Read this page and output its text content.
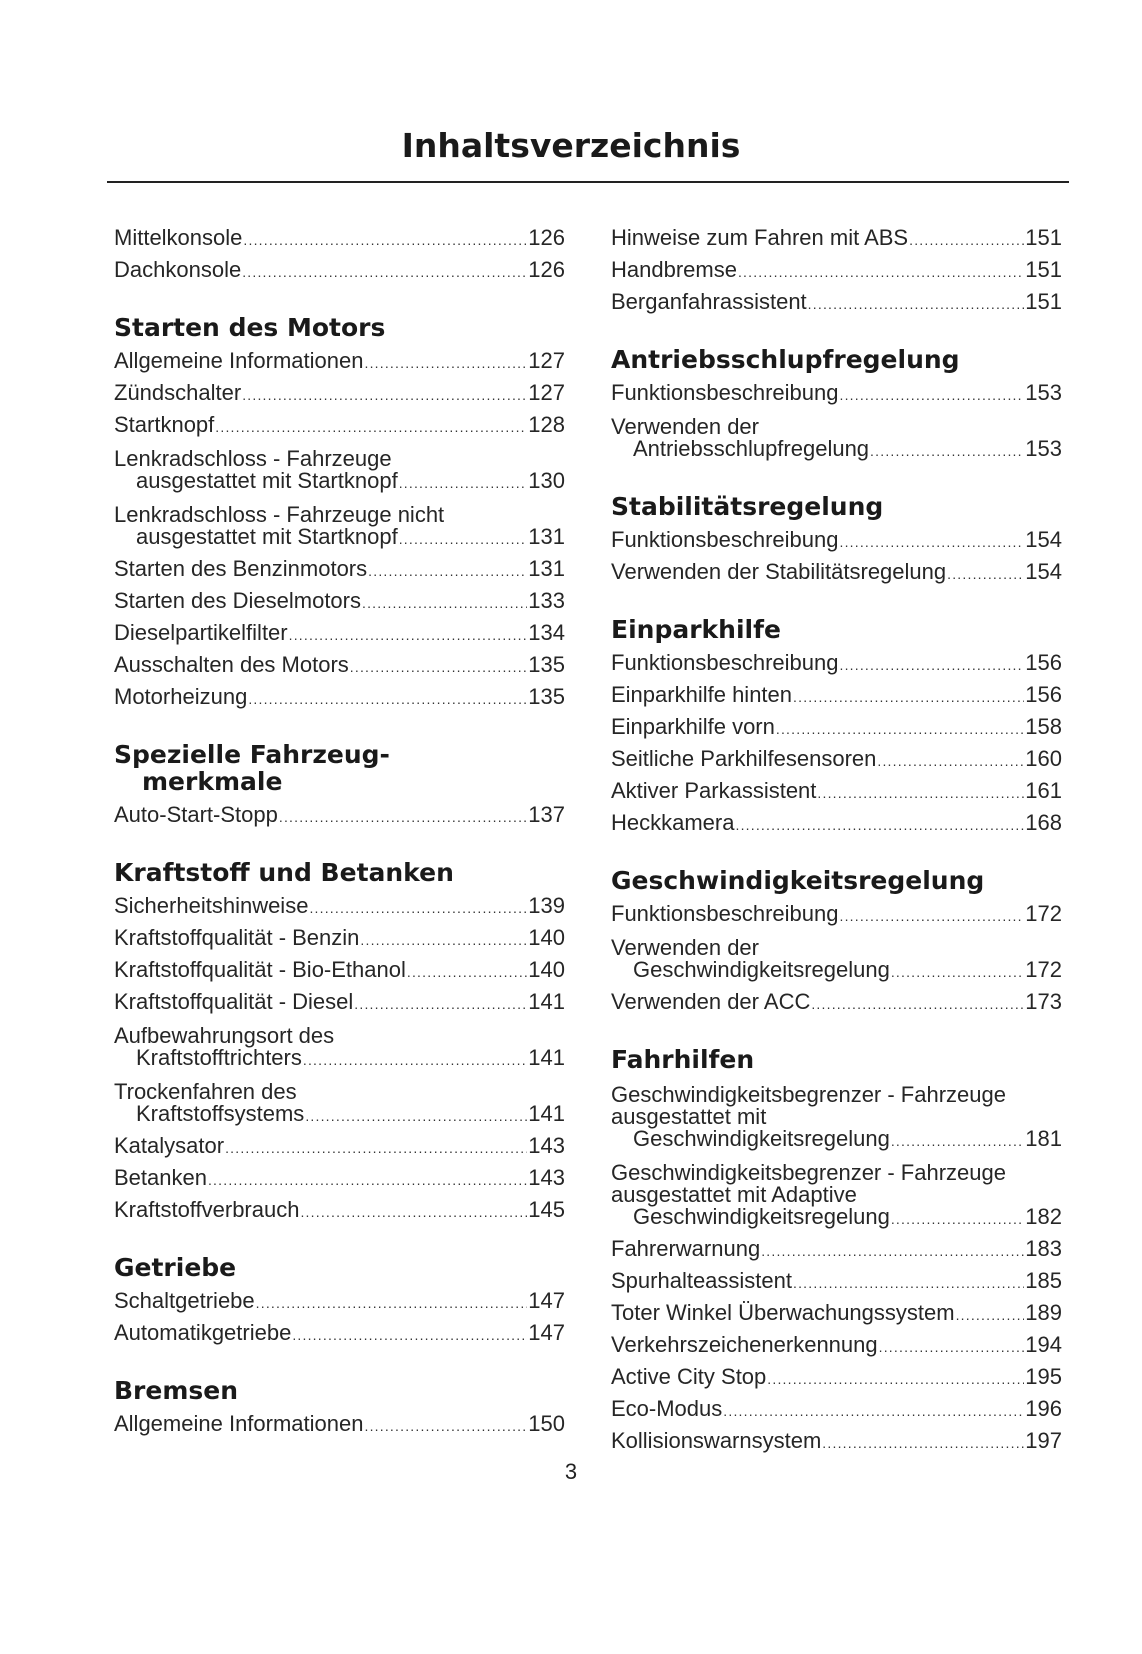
Inhaltsverzeichnis
Mittelkonsole .....	126
Dachkonsole .....	126
Starten des Motors
Allgemeine Informationen .....	127
Zündschalter .....	127
Startknopf .....	128
Lenkradschloss - Fahrzeuge
ausgestattet mit Startknopf .....	130
Lenkradschloss - Fahrzeuge nicht
ausgestattet mit Startknopf .....	131
Starten des Benzinmotors .....	131
Starten des Dieselmotors .....	133
Dieselpartikelfilter .....	134
Ausschalten des Motors .....	135
Motorheizung .....	135
Spezielle Fahrzeug-
merkmale
Auto-Start-Stopp .....	137
Kraftstoff und Betanken
Sicherheitshinweise .....	139
Kraftstoffqualität - Benzin .....	140
Kraftstoffqualität - Bio-Ethanol .....	140
Kraftstoffqualität - Diesel .....	141
Aufbewahrungsort des
Kraftstofftrichters .....	141
Trockenfahren des
Kraftstoffsystems .....	141
Katalysator .....	143
Betanken .....	143
Kraftstoffverbrauch .....	145
Getriebe
Schaltgetriebe .....	147
Automatikgetriebe .....	147
Bremsen
Allgemeine Informationen .....	150
Hinweise zum Fahren mit ABS .....	151
Handbremse .....	151
Berganfahrassistent .....	151
Antriebsschlupfregelung
Funktionsbeschreibung .....	153
Verwenden der
Antriebsschlupfregelung .....	153
Stabilitätsregelung
Funktionsbeschreibung .....	154
Verwenden der Stabilitätsregelung .....	154
Einparkhilfe
Funktionsbeschreibung .....	156
Einparkhilfe hinten .....	156
Einparkhilfe vorn .....	158
Seitliche Parkhilfesensoren .....	160
Aktiver Parkassistent .....	161
Heckkamera .....	168
Geschwindigkeitsregelung
Funktionsbeschreibung .....	172
Verwenden der
Geschwindigkeitsregelung .....	172
Verwenden der ACC .....	173
Fahrhilfen
Geschwindigkeitsbegrenzer - Fahrzeuge
ausgestattet mit
Geschwindigkeitsregelung .....	181
Geschwindigkeitsbegrenzer - Fahrzeuge
ausgestattet mit Adaptive
Geschwindigkeitsregelung .....	182
Fahrerwarnung .....	183
Spurhalteassistent .....	185
Toter Winkel Überwachungssystem .....	189
Verkehrszeichenerkennung .....	194
Active City Stop .....	195
Eco-Modus .....	196
Kollisionswarnsystem .....	197
3
